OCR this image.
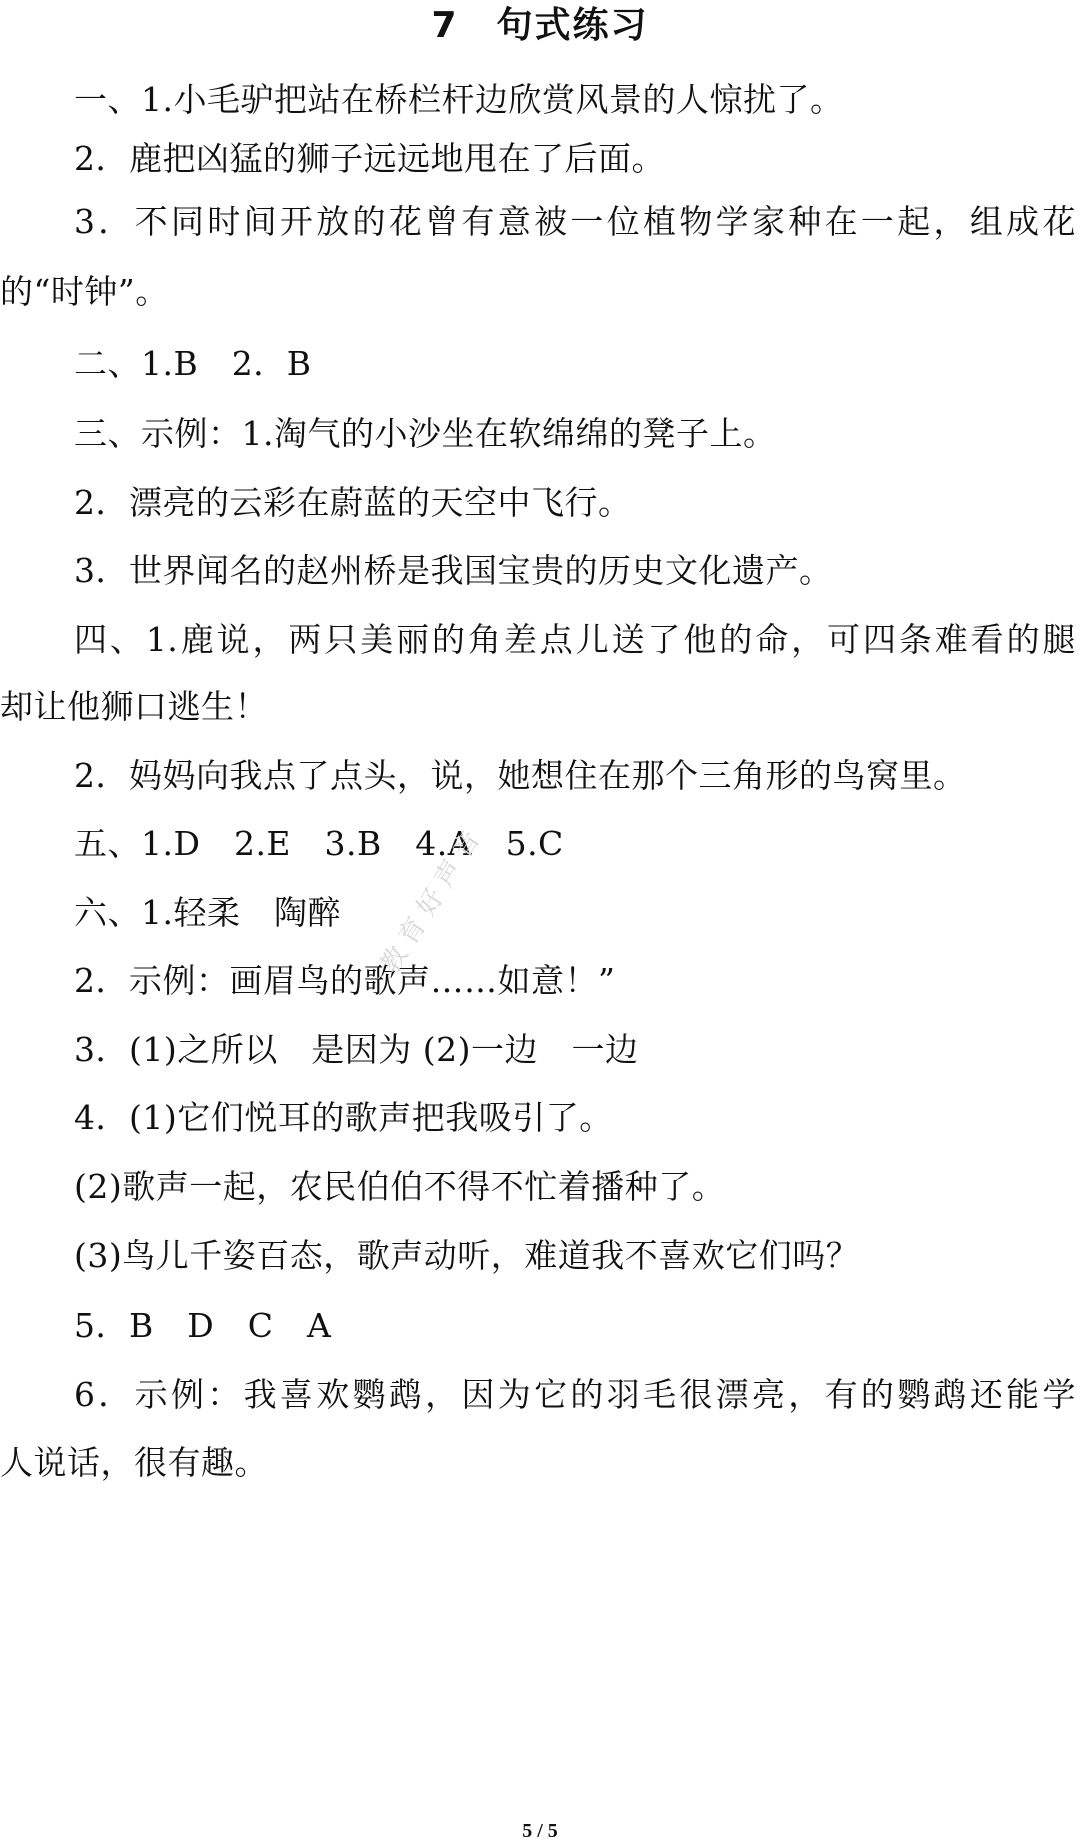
7　句式练习
一、1.小毛驴把站在桥栏杆边欣赏风景的人惊扰了。
2．鹿把凶猛的狮子远远地甩在了后面。
3．不同时间开放的花曾有意被一位植物学家种在一起，组成花
的“时钟”。
二、1.B　2．B
三、示例：1.淘气的小沙坐在软绵绵的凳子上。
2．漂亮的云彩在蔚蓝的天空中飞行。
3．世界闻名的赵州桥是我国宝贵的历史文化遗产。
四、1.鹿说，两只美丽的角差点儿送了他的命，可四条难看的腿
却让他狮口逃生！
2．妈妈向我点了点头，说，她想住在那个三角形的鸟窝里。
五、1.D　2.E　3.B　4.A　5.C
六、1.轻柔　陶醉
2．示例：画眉鸟的歌声……如意！”
3．(1)之所以　是因为 (2)一边　一边
4．(1)它们悦耳的歌声把我吸引了。
(2)歌声一起，农民伯伯不得不忙着播种了。
(3)鸟儿千姿百态，歌声动听，难道我不喜欢它们吗？
5．B　D　C　A
6．示例：我喜欢鹦鹉，因为它的羽毛很漂亮，有的鹦鹉还能学
人说话，很有趣。
教育好声音
5 / 5
